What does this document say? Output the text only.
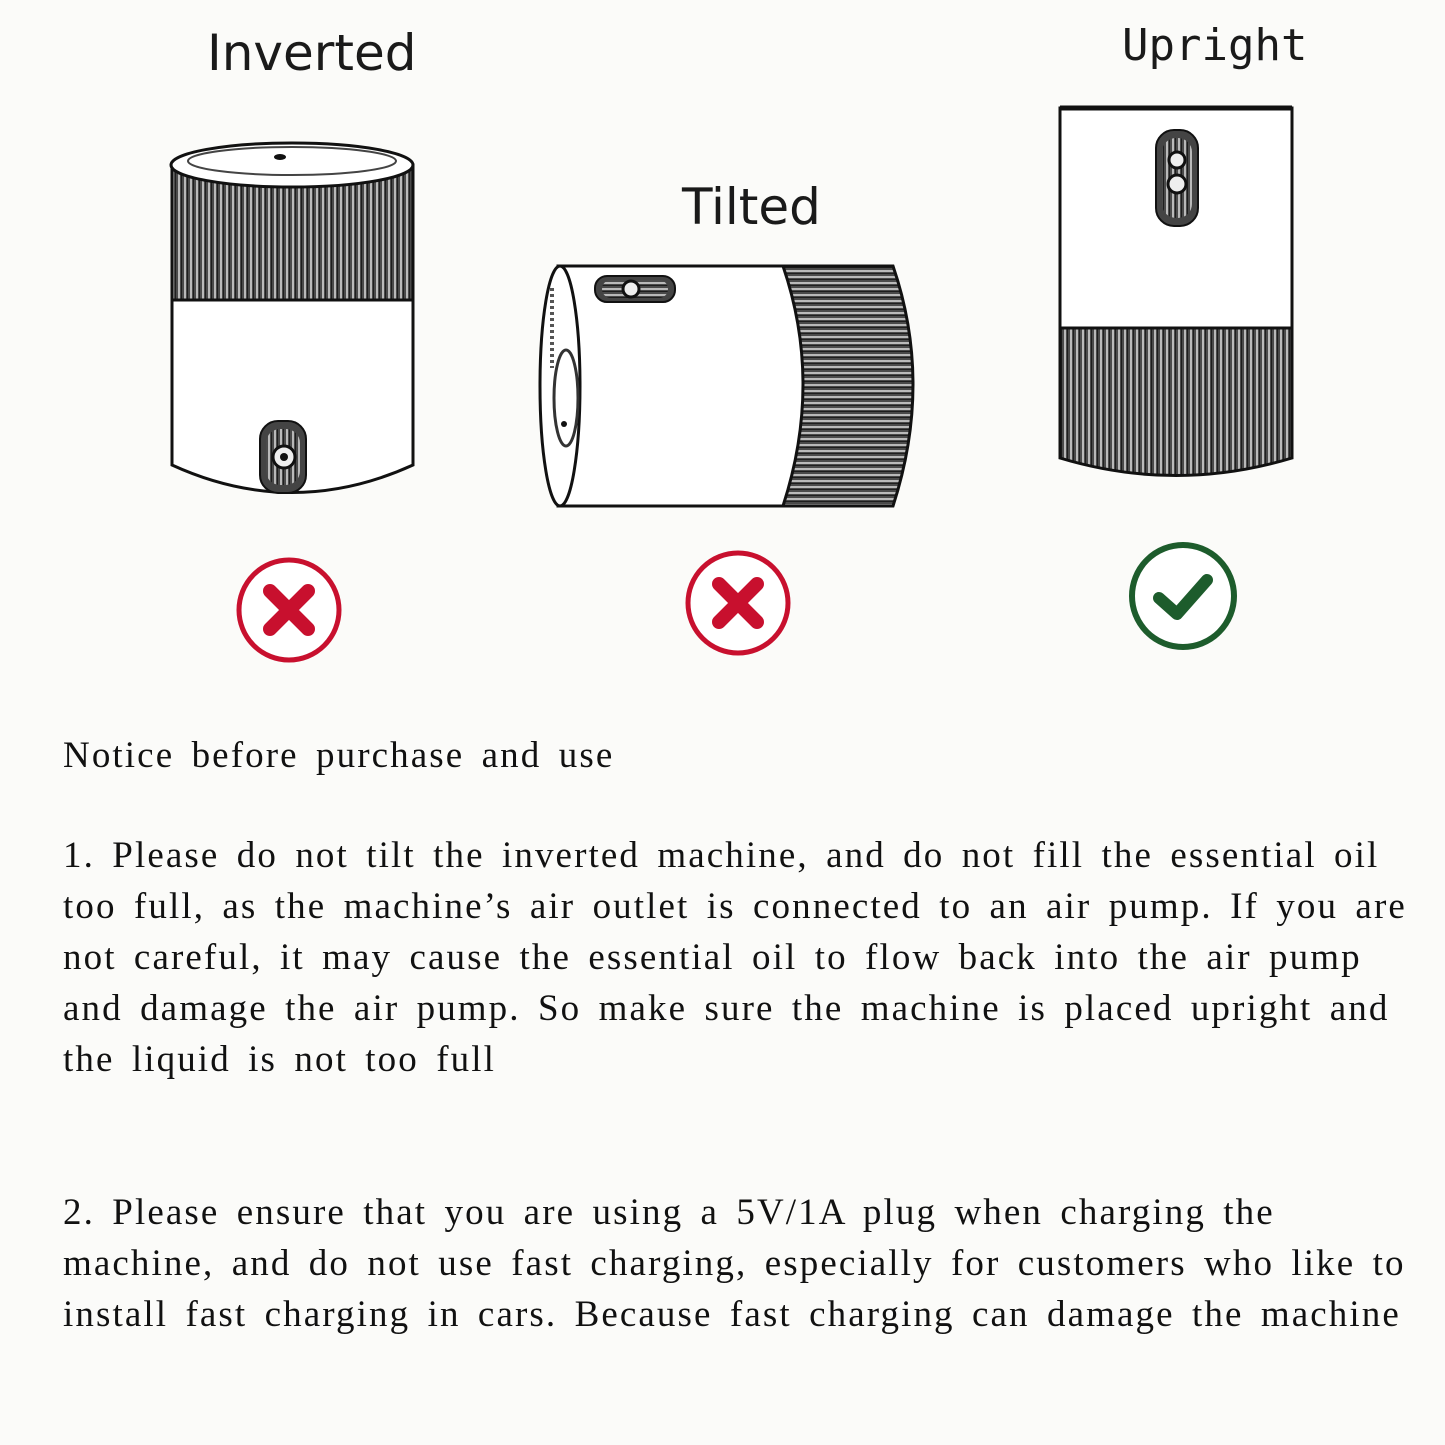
Inverted
Tilted
Upright

Notice before purchase and use

1. Please do not tilt the inverted machine, and do not fill the essential oil too full, as the machine’s air outlet is connected to an air pump. If you are not careful, it may cause the essential oil to flow back into the air pump and damage the air pump. So make sure the machine is placed upright and the liquid is not too full

2. Please ensure that you are using a 5V/1A plug when charging the machine, and do not use fast charging, especially for customers who like to install fast charging in cars. Because fast charging can damage the machine
